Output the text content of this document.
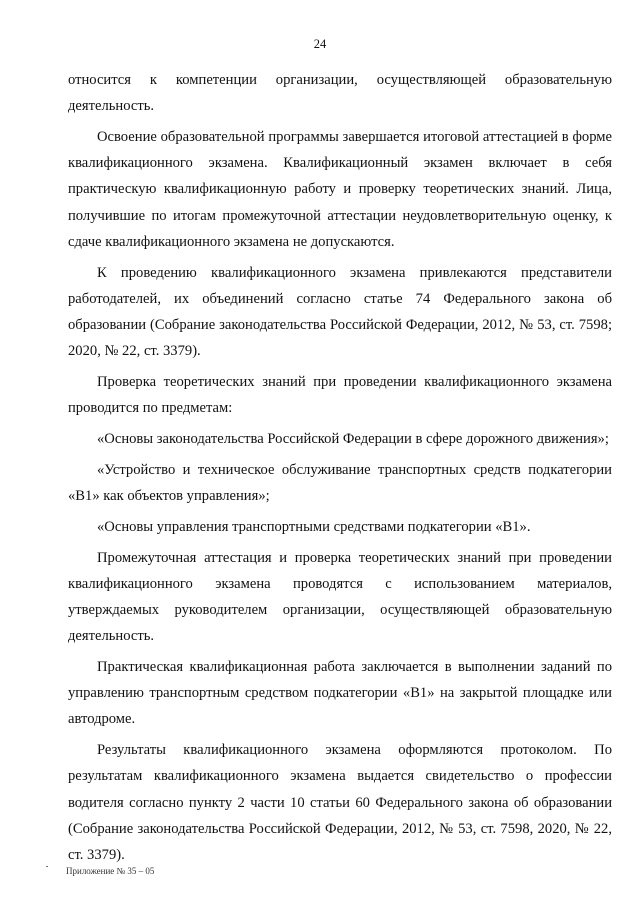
24

относится к компетенции организации, осуществляющей образовательную деятельность.

Освоение образовательной программы завершается итоговой аттестацией в форме квалификационного экзамена. Квалификационный экзамен включает в себя практическую квалификационную работу и проверку теоретических знаний. Лица, получившие по итогам промежуточной аттестации неудовлетворительную оценку, к сдаче квалификационного экзамена не допускаются.

К проведению квалификационного экзамена привлекаются представители работодателей, их объединений согласно статье 74 Федерального закона об образовании (Собрание законодательства Российской Федерации, 2012, № 53, ст. 7598; 2020, № 22, ст. 3379).

Проверка теоретических знаний при проведении квалификационного экзамена проводится по предметам:

«Основы законодательства Российской Федерации в сфере дорожного движения»;

«Устройство и техническое обслуживание транспортных средств подкатегории «В1» как объектов управления»;

«Основы управления транспортными средствами подкатегории «В1».

Промежуточная аттестация и проверка теоретических знаний при проведении квалификационного экзамена проводятся с использованием материалов, утверждаемых руководителем организации, осуществляющей образовательную деятельность.

Практическая квалификационная работа заключается в выполнении заданий по управлению транспортным средством подкатегории «В1» на закрытой площадке или автодроме.

Результаты квалификационного экзамена оформляются протоколом. По результатам квалификационного экзамена выдается свидетельство о профессии водителя согласно пункту 2 части 10 статьи 60 Федерального закона об образовании (Собрание законодательства Российской Федерации, 2012, № 53, ст. 7598, 2020, № 22, ст. 3379).

Приложение № 35 – 05
